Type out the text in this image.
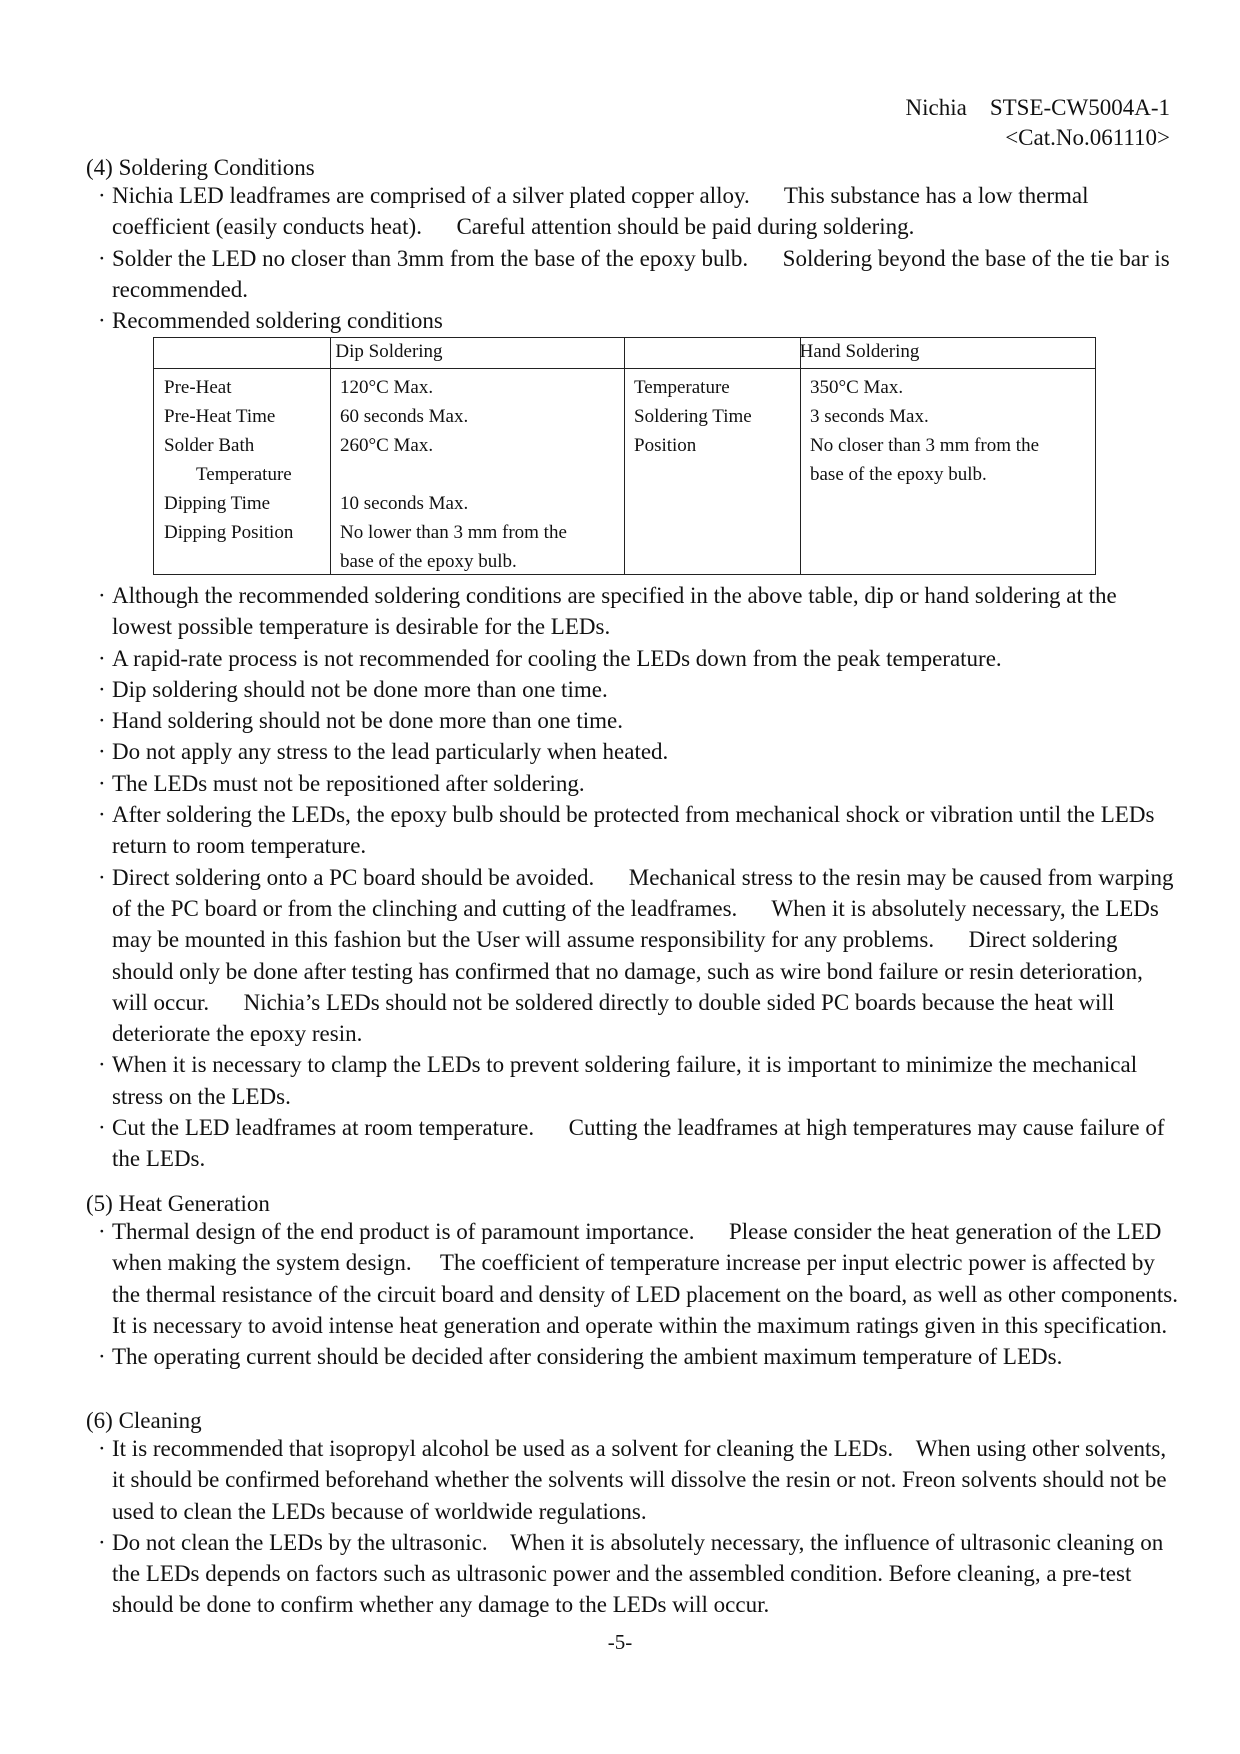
Nichia    STSE-CW5004A-1
<Cat.No.061110>
(4) Soldering Conditions
· Nichia LED leadframes are comprised of a silver plated copper alloy.      This substance has a low thermal coefficient (easily conducts heat).      Careful attention should be paid during soldering.
· Solder the LED no closer than 3mm from the base of the epoxy bulb.      Soldering beyond the base of the tie bar is recommended.
· Recommended soldering conditions
Dip Soldering	Hand Soldering
Pre-Heat
Pre-Heat Time
Solder Bath
Temperature
Dipping Time
Dipping Position
120°C Max.
60 seconds Max.
260°C Max.
10 seconds Max.
No lower than 3 mm from the
base of the epoxy bulb.
Temperature
Soldering Time
Position
350°C Max.
3 seconds Max.
No closer than 3 mm from the
base of the epoxy bulb.
· Although the recommended soldering conditions are specified in the above table, dip or hand soldering at the lowest possible temperature is desirable for the LEDs.
· A rapid-rate process is not recommended for cooling the LEDs down from the peak temperature.
· Dip soldering should not be done more than one time.
· Hand soldering should not be done more than one time.
· Do not apply any stress to the lead particularly when heated.
· The LEDs must not be repositioned after soldering.
· After soldering the LEDs, the epoxy bulb should be protected from mechanical shock or vibration until the LEDs return to room temperature.
· Direct soldering onto a PC board should be avoided.      Mechanical stress to the resin may be caused from warping of the PC board or from the clinching and cutting of the leadframes.      When it is absolutely necessary, the LEDs may be mounted in this fashion but the User will assume responsibility for any problems.      Direct soldering should only be done after testing has confirmed that no damage, such as wire bond failure or resin deterioration, will occur.      Nichia’s LEDs should not be soldered directly to double sided PC boards because the heat will deteriorate the epoxy resin.
· When it is necessary to clamp the LEDs to prevent soldering failure, it is important to minimize the mechanical stress on the LEDs.
· Cut the LED leadframes at room temperature.      Cutting the leadframes at high temperatures may cause failure of the LEDs.
(5) Heat Generation
· Thermal design of the end product is of paramount importance.      Please consider the heat generation of the LED when making the system design.     The coefficient of temperature increase per input electric power is affected by the thermal resistance of the circuit board and density of LED placement on the board, as well as other components.     It is necessary to avoid intense heat generation and operate within the maximum ratings given in this specification.
· The operating current should be decided after considering the ambient maximum temperature of LEDs.
(6) Cleaning
· It is recommended that isopropyl alcohol be used as a solvent for cleaning the LEDs.    When using other solvents, it should be confirmed beforehand whether the solvents will dissolve the resin or not. Freon solvents should not be used to clean the LEDs because of worldwide regulations.
· Do not clean the LEDs by the ultrasonic.    When it is absolutely necessary, the influence of ultrasonic cleaning on the LEDs depends on factors such as ultrasonic power and the assembled condition. Before cleaning, a pre-test should be done to confirm whether any damage to the LEDs will occur.
-5-
